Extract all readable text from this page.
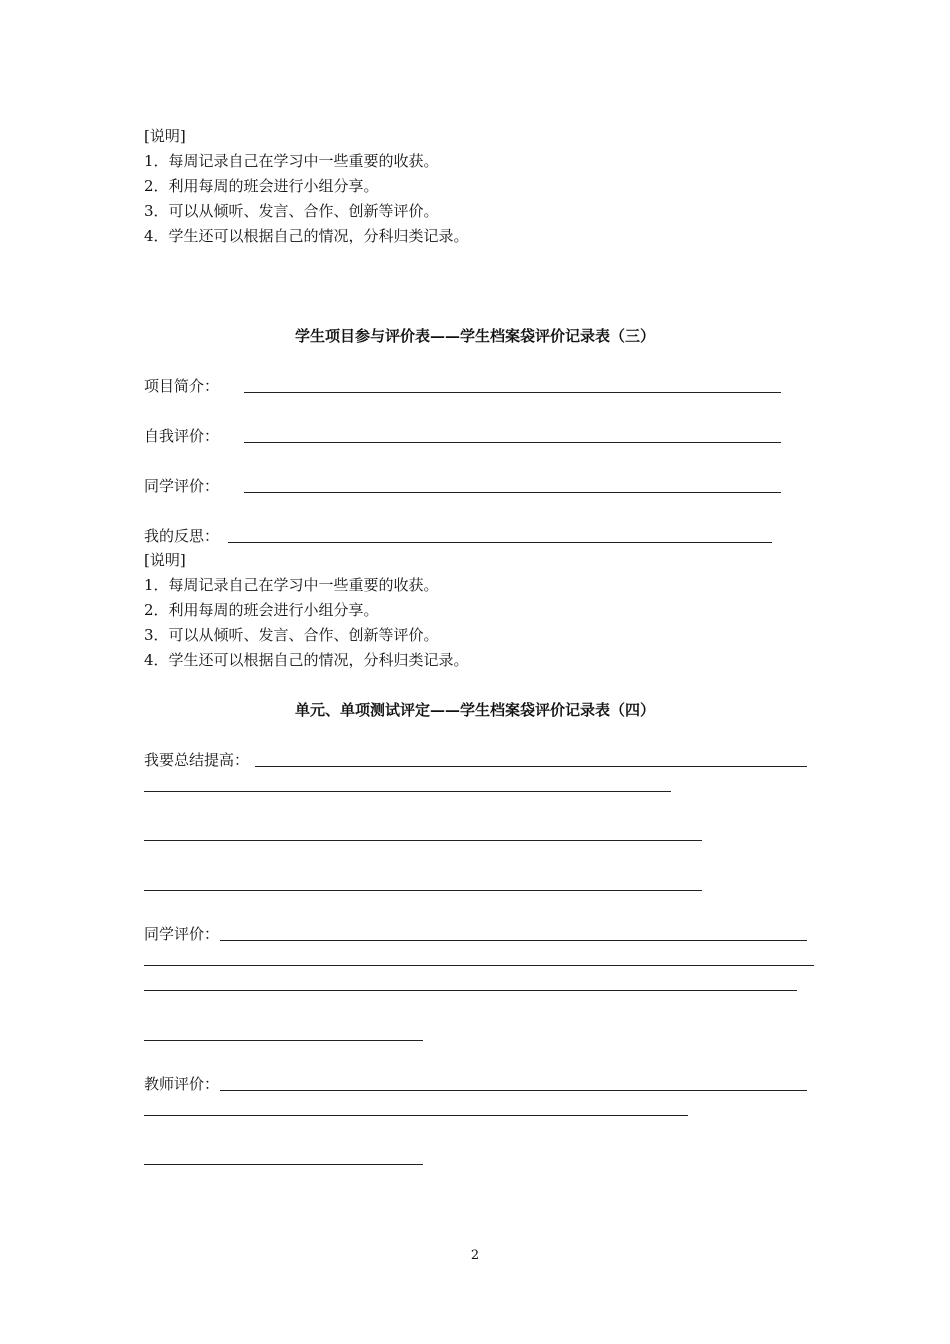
[说明]
1．每周记录自己在学习中一些重要的收获。
2．利用每周的班会进行小组分享。
3．可以从倾听、发言、合作、创新等评价。
4．学生还可以根据自己的情况，分科归类记录。
学生项目参与评价表——学生档案袋评价记录表（三）
项目简介：
自我评价：
同学评价：
我的反思：
[说明]
1．每周记录自己在学习中一些重要的收获。
2．利用每周的班会进行小组分享。
3．可以从倾听、发言、合作、创新等评价。
4．学生还可以根据自己的情况，分科归类记录。
单元、单项测试评定——学生档案袋评价记录表（四）
我要总结提高：
同学评价：
教师评价：
2
